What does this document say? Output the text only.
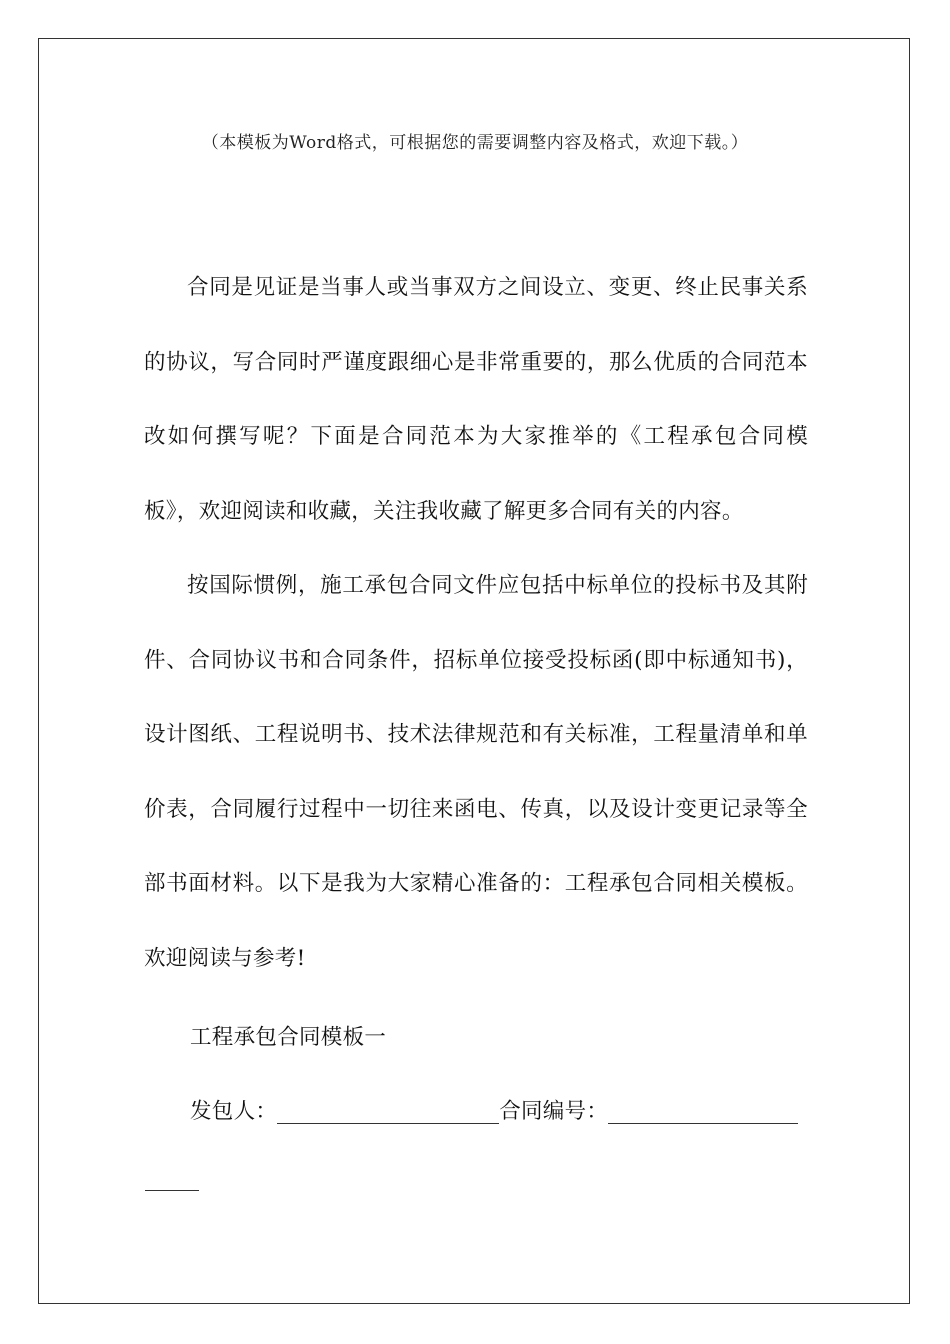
（本模板为Word格式，可根据您的需要调整内容及格式，欢迎下载。）

合同是见证是当事人或当事双方之间设立、变更、终止民事关系的协议，写合同时严谨度跟细心是非常重要的，那么优质的合同范本改如何撰写呢？下面是合同范本为大家推举的《工程承包合同模板》，欢迎阅读和收藏，关注我收藏了解更多合同有关的内容。

按国际惯例，施工承包合同文件应包括中标单位的投标书及其附件、合同协议书和合同条件，招标单位接受投标函(即中标通知书)，设计图纸、工程说明书、技术法律规范和有关标准，工程量清单和单价表，合同履行过程中一切往来函电、传真，以及设计变更记录等全部书面材料。以下是我为大家精心准备的：工程承包合同相关模板。欢迎阅读与参考!

工程承包合同模板一
发包人：	合同编号：
